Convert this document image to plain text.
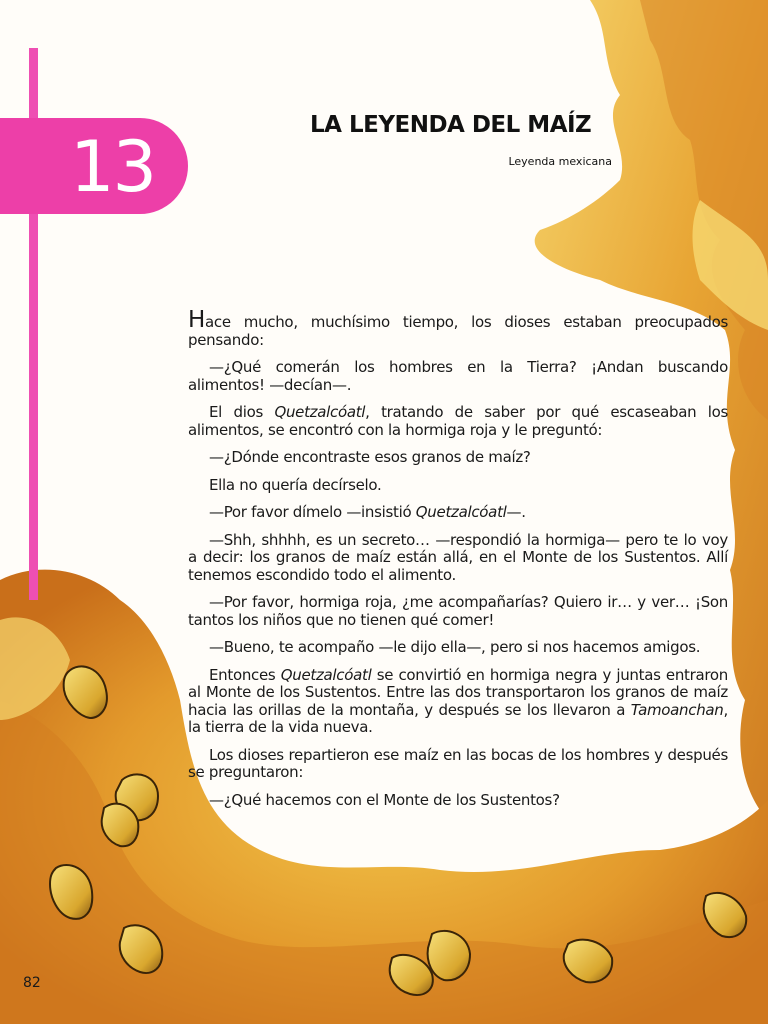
13
LA LEYENDA DEL MAÍZ
Leyenda mexicana

Hace mucho, muchísimo tiempo, los dioses estaban preocupados pensando:

—¿Qué comerán los hombres en la Tierra? ¡Andan buscando alimentos! —decían—.

El dios Quetzalcóatl, tratando de saber por qué escaseaban los alimentos, se encontró con la hormiga roja y le preguntó:

—¿Dónde encontraste esos granos de maíz?

Ella no quería decírselo.

—Por favor dímelo —insistió Quetzalcóatl—.

—Shh, shhhh, es un secreto… —respondió la hormiga— pero te lo voy a decir: los granos de maíz están allá, en el Monte de los Sustentos. Allí tenemos escondido todo el alimento.

—Por favor, hormiga roja, ¿me acompañarías? Quiero ir… y ver… ¡Son tantos los niños que no tienen qué comer!

—Bueno, te acompaño —le dijo ella—, pero si nos hacemos amigos.

Entonces Quetzalcóatl se convirtió en hormiga negra y juntas entraron al Monte de los Sustentos. Entre las dos transportaron los granos de maíz hacia las orillas de la montaña, y después se los llevaron a Tamoanchan, la tierra de la vida nueva.

Los dioses repartieron ese maíz en las bocas de los hombres y después se preguntaron:

—¿Qué hacemos con el Monte de los Sustentos?

82
